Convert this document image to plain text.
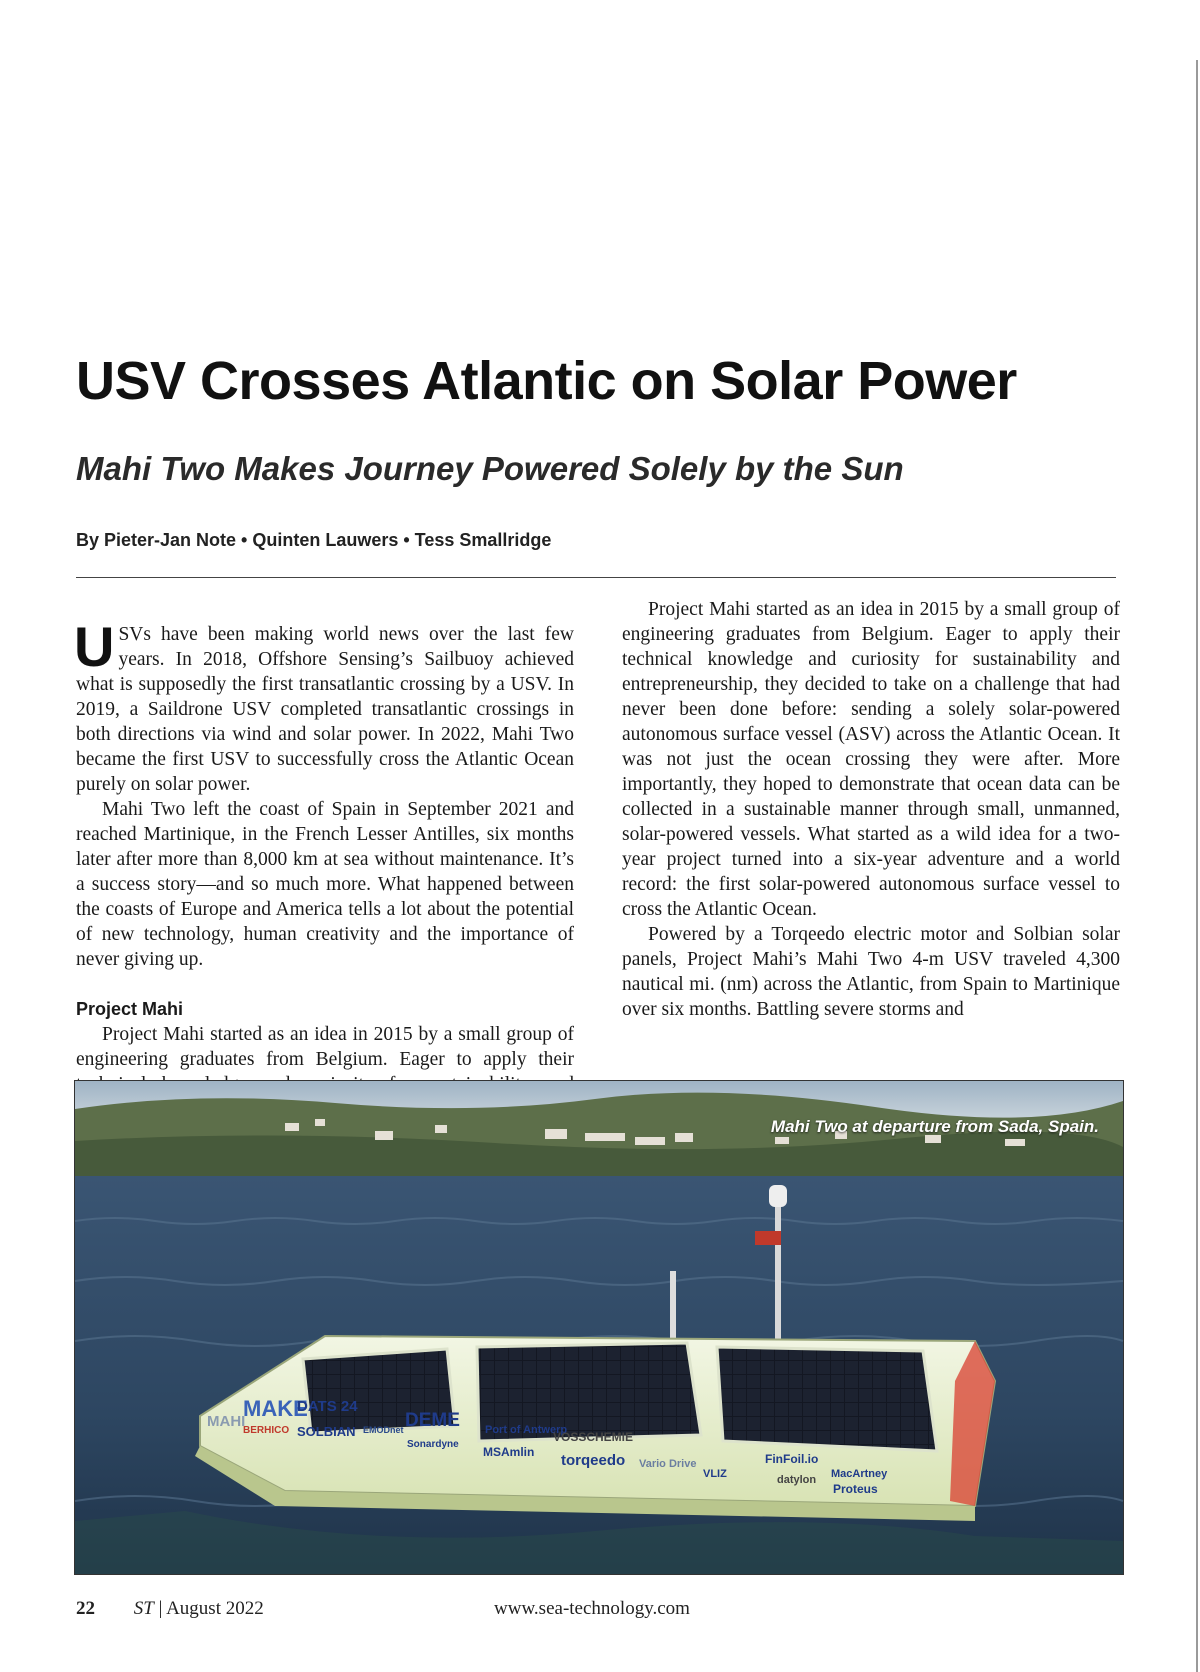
USV Crosses Atlantic on Solar Power
Mahi Two Makes Journey Powered Solely by the Sun

By Pieter-Jan Note • Quinten Lauwers • Tess Smallridge

U SVs have been making world news over the last few years. In 2018, Offshore Sensing’s Sailbuoy achieved what is supposedly the first transatlantic crossing by a USV. In 2019, a Saildrone USV completed transatlantic crossings in both directions via wind and solar power. In 2022, Mahi Two became the first USV to successfully cross the Atlantic Ocean purely on solar power.

Mahi Two left the coast of Spain in September 2021 and reached Martinique, in the French Lesser Antilles, six months later after more than 8,000 km at sea without maintenance. It’s a success story—and so much more. What happened between the coasts of Europe and America tells a lot about the potential of new technology, human creativity and the importance of never giving up.

Project Mahi

Project Mahi started as an idea in 2015 by a small group of engineering graduates from Belgium. Eager to apply their

Project Mahi started as an idea in 2015 by a small group of engineering graduates from Belgium. Eager to apply their technical knowledge and curiosity for sustainability and entrepreneurship, they decided to take on a challenge that had never been done before: sending a solely solar-powered autonomous surface vessel (ASV) across the Atlantic Ocean. It was not just the ocean crossing they were after. More importantly, they hoped to demonstrate that ocean data can be collected in a sustainable manner through small, unmanned, solar-powered vessels. What started as a wild idea for a two-year project turned into a six-year adventure and a world record: the first solar-powered autonomous surface vessel to cross the Atlantic Ocean.

Powered by a Torqeedo electric motor and Solbian solar panels, Project Mahi’s Mahi Two 4-m USV traveled 4,300 nautical mi. (nm) across the Atlantic, from Spain to Martinique over six months. Battling severe storms and

MAHI
MAKE
DATS 24
BERHICO SOLBIAN EMODnet DEME
Sonardyne
Port of Antwerp
MSAmlin
VOSSCHEMIE
torqeedo Vario Drive
VLIZ
FinFoil.io
datylon MacArtney
Proteus
Mahi Two at departure from Sada, Spain.
22 ST | August 2022	www.sea-technology.com
